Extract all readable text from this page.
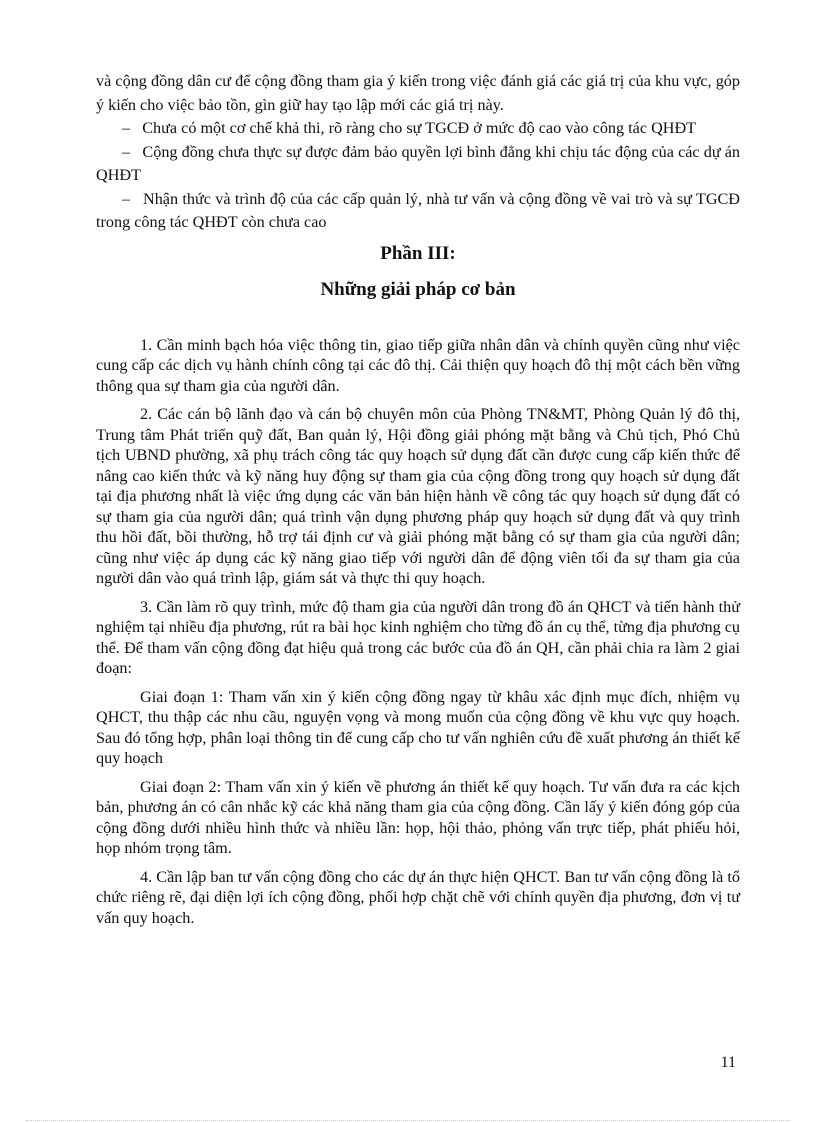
và cộng đồng dân cư để cộng đồng tham gia ý kiến trong việc đánh giá các giá trị của khu vực, góp ý kiến cho việc bảo tồn, gìn giữ hay tạo lập mới các giá trị này.

– Chưa có một cơ chế khả thi, rõ ràng cho sự TGCĐ ở mức độ cao vào công tác QHĐT

– Cộng đồng chưa thực sự được đảm bảo quyền lợi bình đẳng khi chịu tác động của các dự án QHĐT

– Nhận thức và trình độ của các cấp quản lý, nhà tư vấn và cộng đồng về vai trò và sự TGCĐ trong công tác QHĐT còn chưa cao

Phần III:

Những giải pháp cơ bản

1. Cần minh bạch hóa việc thông tin, giao tiếp giữa nhân dân và chính quyền cũng như việc cung cấp các dịch vụ hành chính công tại các đô thị. Cải thiện quy hoạch đô thị một cách bền vững thông qua sự tham gia của người dân.

2. Các cán bộ lãnh đạo và cán bộ chuyên môn của Phòng TN&MT, Phòng Quản lý đô thị, Trung tâm Phát triển quỹ đất, Ban quản lý, Hội đồng giải phóng mặt bằng và Chủ tịch, Phó Chủ tịch UBND phường, xã phụ trách công tác quy hoạch sử dụng đất cần được cung cấp kiến thức để nâng cao kiến thức và kỹ năng huy động sự tham gia của cộng đồng trong quy hoạch sử dụng đất tại địa phương nhất là việc ứng dụng các văn bản hiện hành về công tác quy hoạch sử dụng đất có sự tham gia của người dân; quá trình vận dụng phương pháp quy hoạch sử dụng đất và quy trình thu hồi đất, bồi thường, hỗ trợ tái định cư và giải phóng mặt bằng có sự tham gia của người dân; cũng như việc áp dụng các kỹ năng giao tiếp với người dân để động viên tối đa sự tham gia của người dân vào quá trình lập, giám sát và thực thi quy hoạch.

3. Cần làm rõ quy trình, mức độ tham gia của người dân trong đồ án QHCT và tiến hành thử nghiệm tại nhiều địa phương, rút ra bài học kinh nghiệm cho từng đồ án cụ thể, từng địa phương cụ thể. Để tham vấn cộng đồng đạt hiệu quả trong các bước của đồ án QH, cần phải chia ra làm 2 giai đoạn:

Giai đoạn 1: Tham vấn xin ý kiến cộng đồng ngay từ khâu xác định mục đích, nhiệm vụ QHCT, thu thập các nhu cầu, nguyện vọng và mong muốn của cộng đồng về khu vực quy hoạch. Sau đó tổng hợp, phân loại thông tin để cung cấp cho tư vấn nghiên cứu đề xuất phương án thiết kế quy hoạch

Giai đoạn 2: Tham vấn xin ý kiến về phương án thiết kế quy hoạch. Tư vấn đưa ra các kịch bản, phương án có cân nhắc kỹ các khả năng tham gia của cộng đồng. Cần lấy ý kiến đóng góp của cộng đồng dưới nhiều hình thức và nhiều lần: họp, hội thảo, phỏng vấn trực tiếp, phát phiếu hỏi, họp nhóm trọng tâm.

4. Cần lập ban tư vấn cộng đồng cho các dự án thực hiện QHCT. Ban tư vấn cộng đồng là tổ chức riêng rẽ, đại diện lợi ích cộng đồng, phối hợp chặt chẽ với chính quyền địa phương, đơn vị tư vấn quy hoạch.

11
